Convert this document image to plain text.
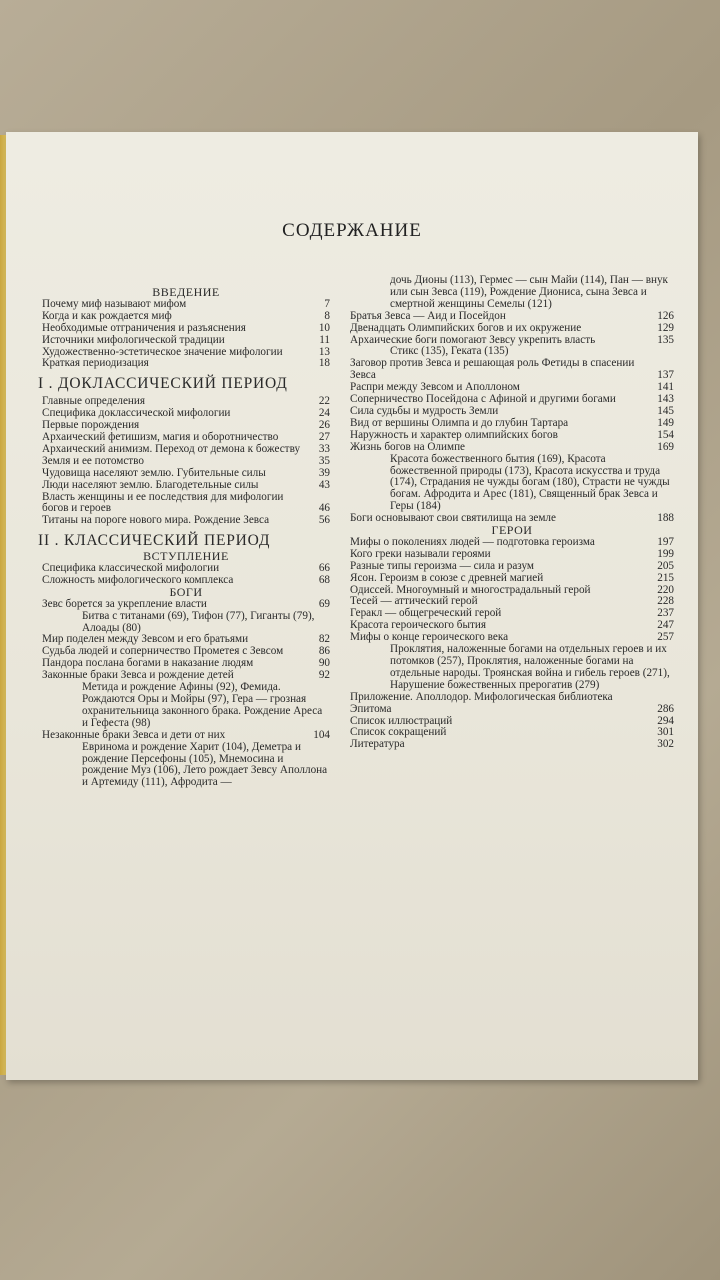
СОДЕРЖАНИЕ
ВВЕДЕНИЕ
Почему миф называют мифом	7
Когда и как рождается миф	8
Необходимые отграничения и разъяснения	10
Источники мифологической традиции	11
Художественно-эстетическое значение мифологии	13
Краткая периодизация	18
I . ДОКЛАССИЧЕСКИЙ ПЕРИОД
Главные определения	22
Специфика доклассической мифологии	24
Первые порождения	26
Архаический фетишизм, магия и оборотничество	27
Архаический анимизм. Переход от демона к божеству	33
Земля и ее потомство	35
Чудовища населяют землю. Губительные силы	39
Люди населяют землю. Благодетельные силы	43
Власть женщины и ее последствия для мифологии богов и героев	46
Титаны на пороге нового мира. Рождение Зевса	56
II . КЛАССИЧЕСКИЙ ПЕРИОД
ВСТУПЛЕНИЕ
Специфика классической мифологии	66
Сложность мифологического комплекса	68
БОГИ
Зевс борется за укрепление власти	69
Битва с титанами (69), Тифон (77), Гиганты (79), Алоады (80)
Мир поделен между Зевсом и его братьями	82
Судьба людей и соперничество Прометея с Зевсом	86
Пандора послана богами в наказание людям	90
Законные браки Зевса и рождение детей	92
Метида и рождение Афины (92), Фемида. Рождаются Оры и Мойры (97), Гера — грозная охранительница законного брака. Рождение Ареса и Гефеста (98)
Незаконные браки Зевса и дети от них	104
Евринома и рождение Харит (104), Деметра и рождение Персефоны (105), Мнемосина и рождение Муз (106), Лето рождает Зевсу Аполлона и Артемиду (111), Афродита —
дочь Дионы (113), Гермес — сын Майи (114), Пан — внук или сын Зевса (119), Рождение Диониса, сына Зевса и смертной женщины Семелы (121)
Братья Зевса — Аид и Посейдон	126
Двенадцать Олимпийских богов и их окружение	129
Архаические боги помогают Зевсу укрепить власть	135
Стикс (135), Геката (135)
Заговор против Зевса и решающая роль Фетиды в спасении Зевса	137
Распри между Зевсом и Аполлоном	141
Соперничество Посейдона с Афиной и другими богами	143
Сила судьбы и мудрость Земли	145
Вид от вершины Олимпа и до глубин Тартара	149
Наружность и характер олимпийских богов	154
Жизнь богов на Олимпе	169
Красота божественного бытия (169), Красота божественной природы (173), Красота искусства и труда (174), Страдания не чужды богам (180), Страсти не чужды богам. Афродита и Арес (181), Священный брак Зевса и Геры (184)
Боги основывают свои святилища на земле	188
ГЕРОИ
Мифы о поколениях людей — подготовка героизма	197
Кого греки называли героями	199
Разные типы героизма — сила и разум	205
Ясон. Героизм в союзе с древней магией	215
Одиссей. Многоумный и многострадальный герой	220
Тесей — аттический герой	228
Геракл — общегреческий герой	237
Красота героического бытия	247
Мифы о конце героического века	257
Проклятия, наложенные богами на отдельных героев и их потомков (257), Проклятия, наложенные богами на отдельные народы. Троянская война и гибель героев (271), Нарушение божественных прерогатив (279)
Приложение. Аполлодор. Мифологическая библиотека Эпитома	286
Список иллюстраций	294
Список сокращений	301
Литература	302
